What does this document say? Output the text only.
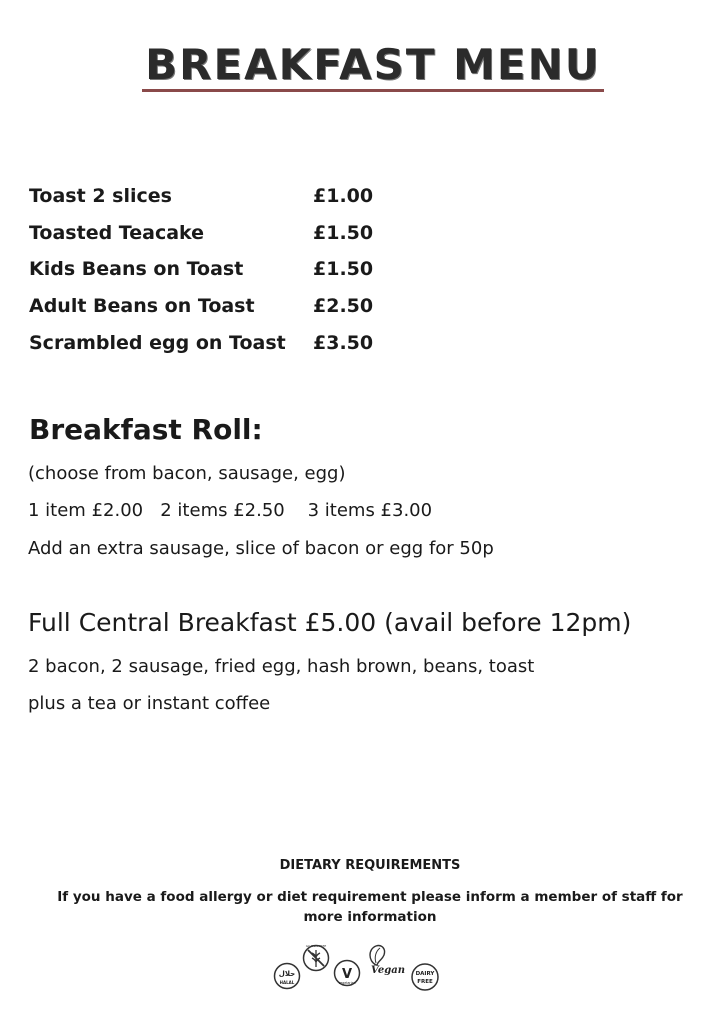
BREAKFAST MENU
Toast 2 slices	£1.00
Toasted Teacake	£1.50
Kids Beans on Toast	£1.50
Adult Beans on Toast	£2.50
Scrambled egg on Toast	£3.50
Breakfast Roll:
(choose from bacon, sausage, egg)
1 item £2.00   2 items £2.50    3 items £3.00
Add an extra sausage, slice of bacon or egg for 50p
Full Central Breakfast £5.00 (avail before 12pm)
2 bacon, 2 sausage, fried egg, hash brown, beans, toast
plus a tea or instant coffee
DIETARY REQUIREMENTS
If you have a food allergy or diet requirement please inform a member of staff for more information
حلال
HALAL
GLUTEN FREE
V
vegetarian
Vegan DAIRY
FREE
